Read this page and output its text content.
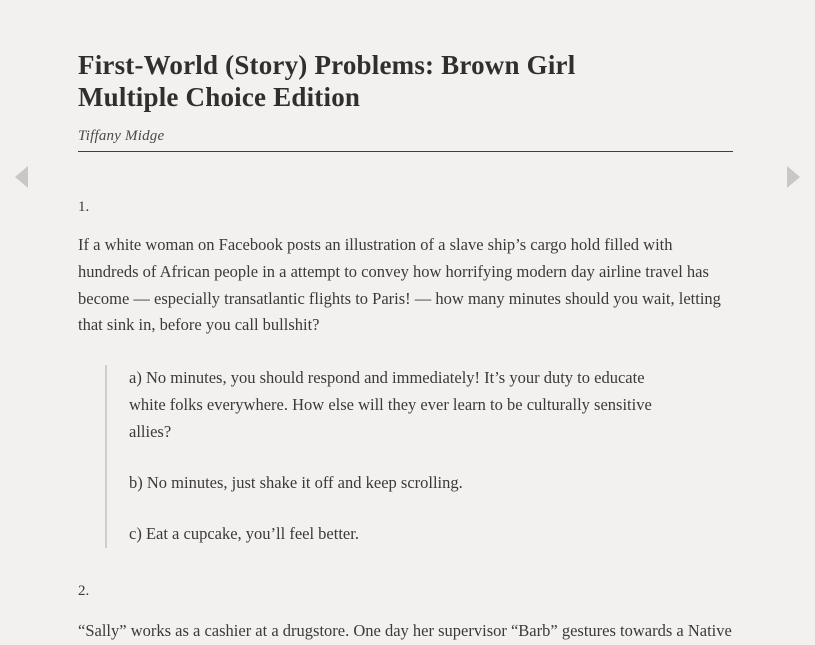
First-World (Story) Problems: Brown Girl Multiple Choice Edition
Tiffany Midge
1.
If a white woman on Facebook posts an illustration of a slave ship’s cargo hold filled with hundreds of African people in a attempt to convey how horrifying modern day airline travel has become — especially transatlantic flights to Paris! — how many minutes should you wait, letting that sink in, before you call bullshit?
a) No minutes, you should respond and immediately! It’s your duty to educate white folks everywhere. How else will they ever learn to be culturally sensitive allies?
b) No minutes, just shake it off and keep scrolling.
c) Eat a cupcake, you’ll feel better.
2.
“Sally” works as a cashier at a drugstore. One day her supervisor “Barb” gestures towards a Native
